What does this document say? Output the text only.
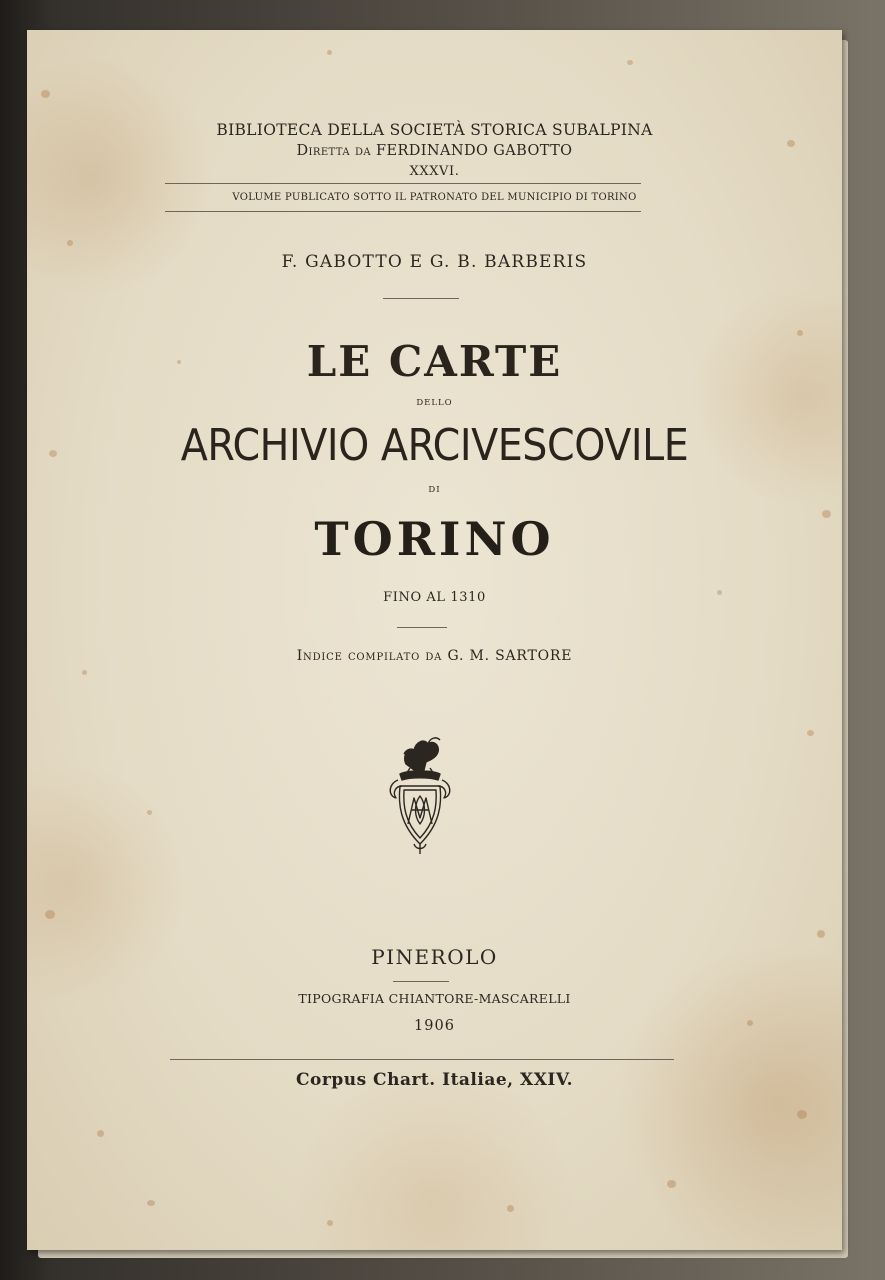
BIBLIOTECA DELLA SOCIETÀ STORICA SUBALPINA

Diretta da FERDINANDO GABOTTO

XXXVI.

VOLUME PUBLICATO SOTTO IL PATRONATO DEL MUNICIPIO DI TORINO

F. GABOTTO E G. B. BARBERIS

LE CARTE

DELLO

ARCHIVIO ARCIVESCOVILE

DI

TORINO

FINO AL 1310

Indice compilato da G. M. SARTORE

PINEROLO

TIPOGRAFIA CHIANTORE-MASCARELLI

1906

Corpus Chart. Italiae, XXIV.
